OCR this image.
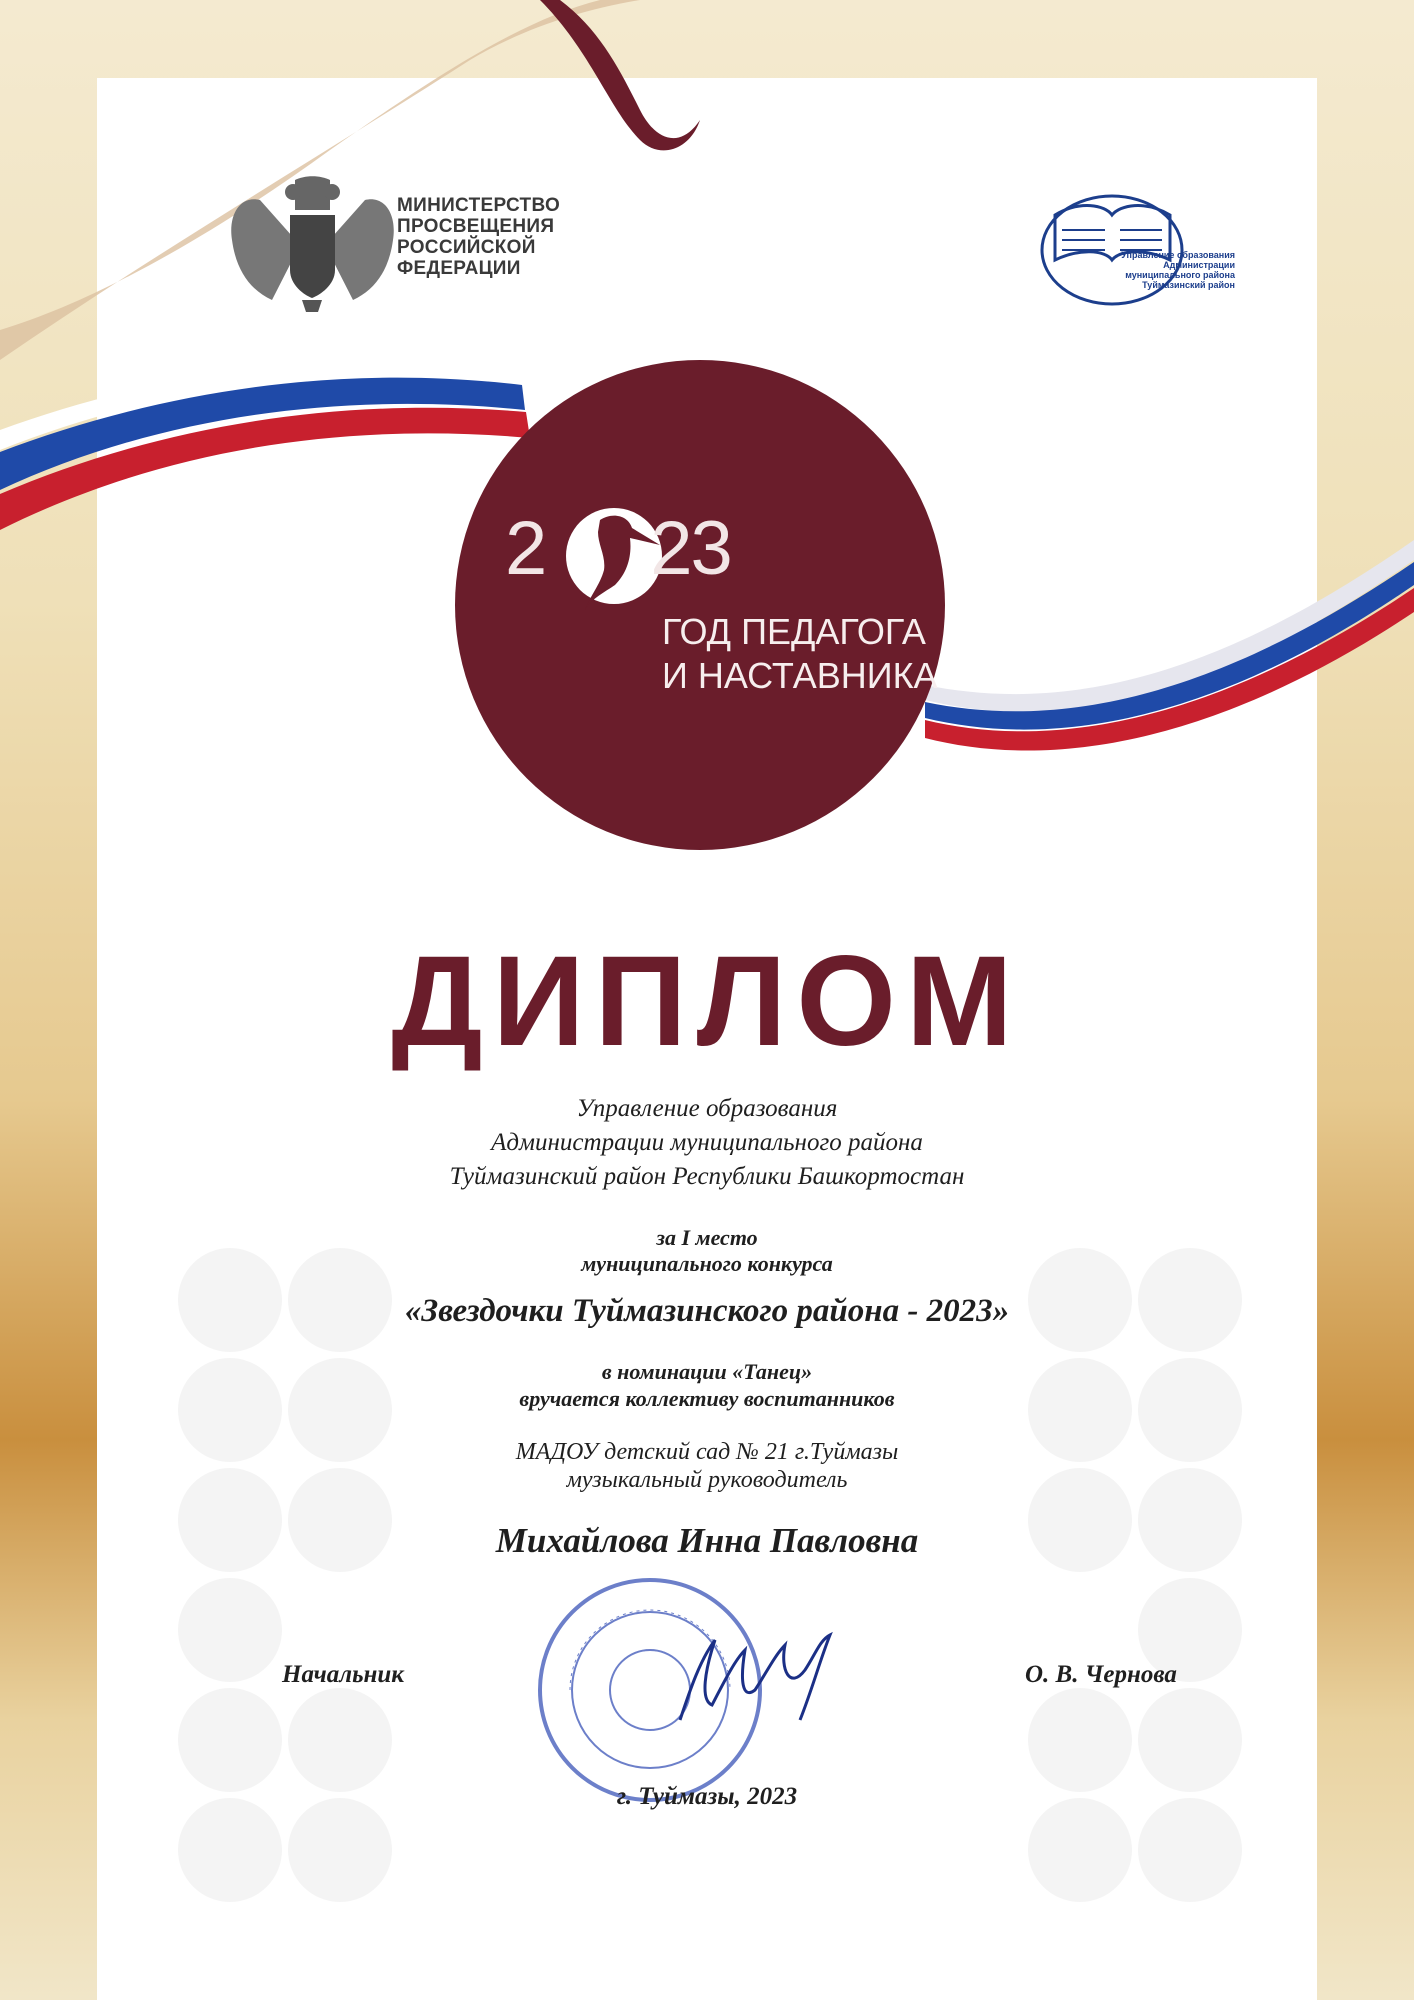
МИНИСТЕРСТВО
ПРОСВЕЩЕНИЯ
РОССИЙСКОЙ
ФЕДЕРАЦИИ
Управление образования
Администрации
муниципального района
Туймазинский район
2 23
ГОД ПЕДАГОГА
И НАСТАВНИКА
ДИПЛОМ
Управление образования
Администрации муниципального района
Туймазинский район Республики Башкортостан
за I место
муниципального конкурса
«Звездочки Туймазинского района - 2023»
в номинации «Танец»
вручается коллективу воспитанников
МАДОУ детский сад № 21 г.Туймазы
музыкальный руководитель
Михайлова Инна Павловна
Начальник	О. В. Чернова
г. Туймазы, 2023
